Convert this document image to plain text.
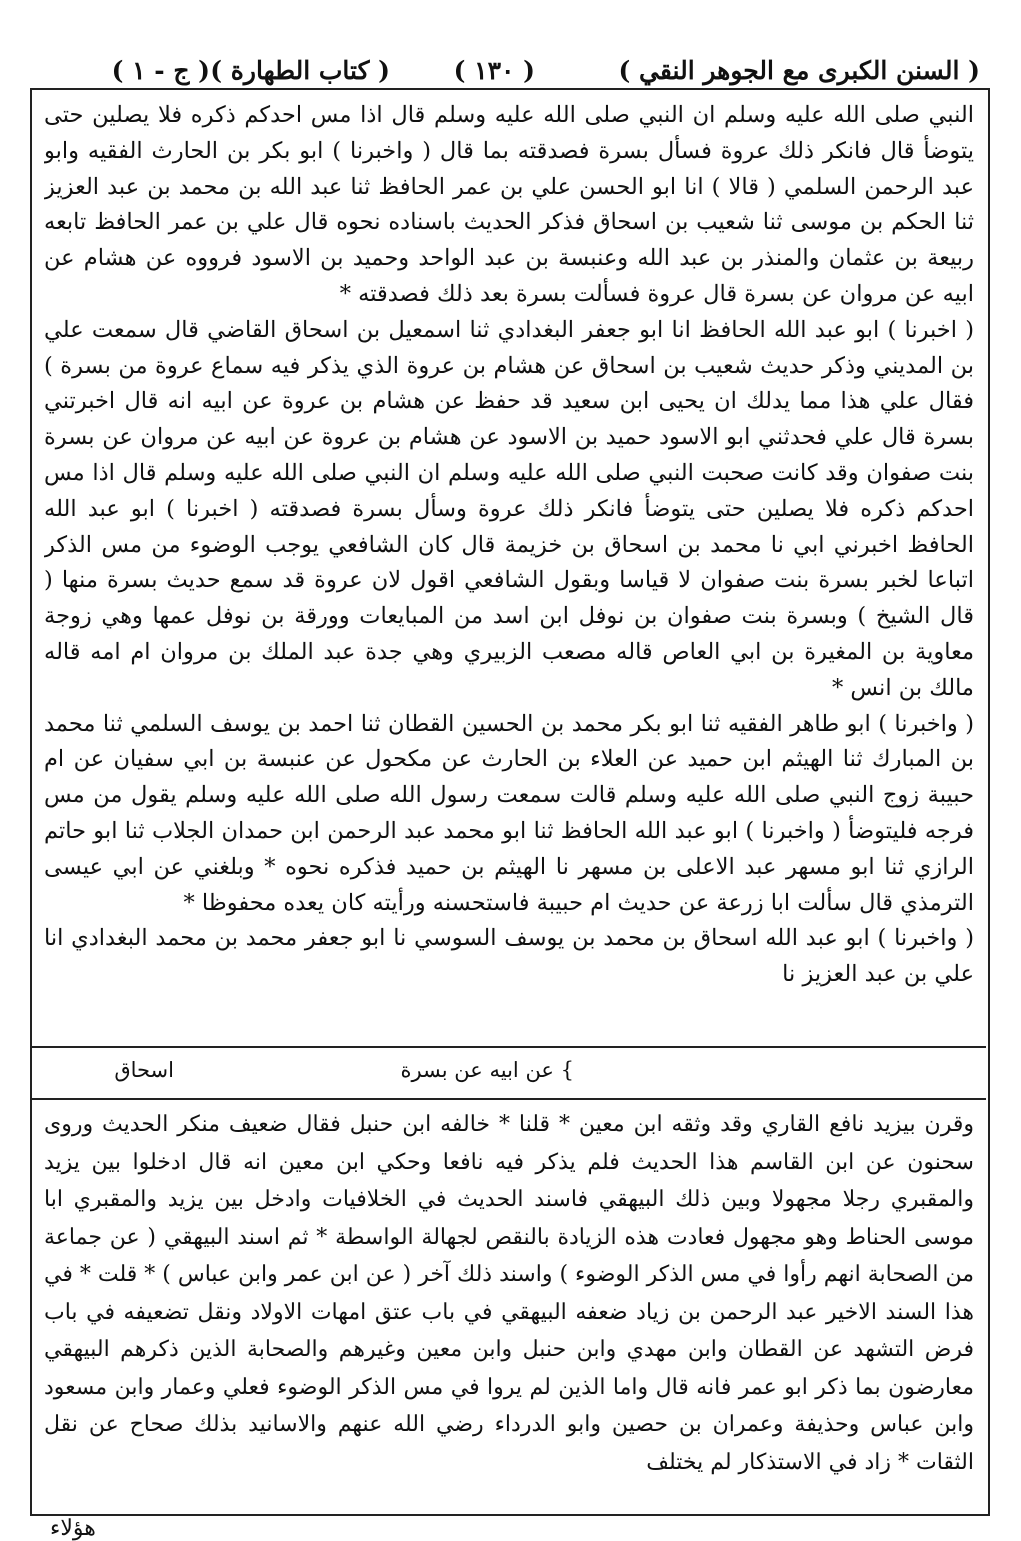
( السنن الكبرى مع الجوهر النقي )
( ١٣٠ )
( كتاب الطهارة )
( ج - ١ )

النبي صلى الله عليه وسلم ان النبي صلى الله عليه وسلم قال اذا مس احدكم ذكره فلا يصلين حتى يتوضأ قال فانكر ذلك عروة فسأل بسرة فصدقته بما قال ( واخبرنا ) ابو بكر بن الحارث الفقيه وابو عبد الرحمن السلمي ( قالا ) انا ابو الحسن علي بن عمر الحافظ ثنا عبد الله بن محمد بن عبد العزيز ثنا الحكم بن موسى ثنا شعيب بن اسحاق فذكر الحديث باسناده نحوه قال علي بن عمر الحافظ تابعه ربيعة بن عثمان والمنذر بن عبد الله وعنبسة بن عبد الواحد وحميد بن الاسود فرووه عن هشام عن ابيه عن مروان عن بسرة قال عروة فسألت بسرة بعد ذلك فصدقته *

( اخبرنا ) ابو عبد الله الحافظ انا ابو جعفر البغدادي ثنا اسمعيل بن اسحاق القاضي قال سمعت علي بن المديني وذكر حديث شعيب بن اسحاق عن هشام بن عروة الذي يذكر فيه سماع عروة من بسرة ) فقال علي هذا مما يدلك ان يحيى ابن سعيد قد حفظ عن هشام بن عروة عن ابيه انه قال اخبرتني بسرة قال علي فحدثني ابو الاسود حميد بن الاسود عن هشام بن عروة عن ابيه عن مروان عن بسرة بنت صفوان وقد كانت صحبت النبي صلى الله عليه وسلم ان النبي صلى الله عليه وسلم قال اذا مس احدكم ذكره فلا يصلين حتى يتوضأ فانكر ذلك عروة وسأل بسرة فصدقته ( اخبرنا ) ابو عبد الله الحافظ اخبرني ابي نا محمد بن اسحاق بن خزيمة قال كان الشافعي يوجب الوضوء من مس الذكر اتباعا لخبر بسرة بنت صفوان لا قياسا وبقول الشافعي اقول لان عروة قد سمع حديث بسرة منها ( قال الشيخ ) وبسرة بنت صفوان بن نوفل ابن اسد من المبايعات وورقة بن نوفل عمها وهي زوجة معاوية بن المغيرة بن ابي العاص قاله مصعب الزبيري وهي جدة عبد الملك بن مروان ام امه قاله مالك بن انس *

( واخبرنا ) ابو طاهر الفقيه ثنا ابو بكر محمد بن الحسين القطان ثنا احمد بن يوسف السلمي ثنا محمد بن المبارك ثنا الهيثم ابن حميد عن العلاء بن الحارث عن مكحول عن عنبسة بن ابي سفيان عن ام حبيبة زوج النبي صلى الله عليه وسلم قالت سمعت رسول الله صلى الله عليه وسلم يقول من مس فرجه فليتوضأ ( واخبرنا ) ابو عبد الله الحافظ ثنا ابو محمد عبد الرحمن ابن حمدان الجلاب ثنا ابو حاتم الرازي ثنا ابو مسهر عبد الاعلى بن مسهر نا الهيثم بن حميد فذكره نحوه * وبلغني عن ابي عيسى الترمذي قال سألت ابا زرعة عن حديث ام حبيبة فاستحسنه ورأيته كان يعده محفوظا *

( واخبرنا ) ابو عبد الله اسحاق بن محمد بن يوسف السوسي نا ابو جعفر محمد بن محمد البغدادي انا علي بن عبد العزيز نا

} عن ابيه عن بسرة
اسحاق
وقرن بيزيد نافع القاري وقد وثقه ابن معين * قلنا * خالفه ابن حنبل فقال ضعيف منكر الحديث وروى سحنون عن ابن القاسم هذا الحديث فلم يذكر فيه نافعا وحكي ابن معين انه قال ادخلوا بين يزيد والمقبري رجلا مجهولا وبين ذلك البيهقي فاسند الحديث في الخلافيات وادخل بين يزيد والمقبري ابا موسى الحناط وهو مجهول فعادت هذه الزيادة بالنقص لجهالة الواسطة * ثم اسند البيهقي ( عن جماعة من الصحابة انهم رأوا في مس الذكر الوضوء ) واسند ذلك آخر ( عن ابن عمر وابن عباس ) * قلت * في هذا السند الاخير عبد الرحمن بن زياد ضعفه البيهقي في باب عتق امهات الاولاد ونقل تضعيفه في باب فرض التشهد عن القطان وابن مهدي وابن حنبل وابن معين وغيرهم والصحابة الذين ذكرهم البيهقي معارضون بما ذكر ابو عمر فانه قال واما الذين لم يروا في مس الذكر الوضوء فعلي وعمار وابن مسعود وابن عباس وحذيفة وعمران بن حصين وابو الدرداء رضي الله عنهم والاسانيد بذلك صحاح عن نقل الثقات * زاد في الاستذكار لم يختلف
هؤلاء
